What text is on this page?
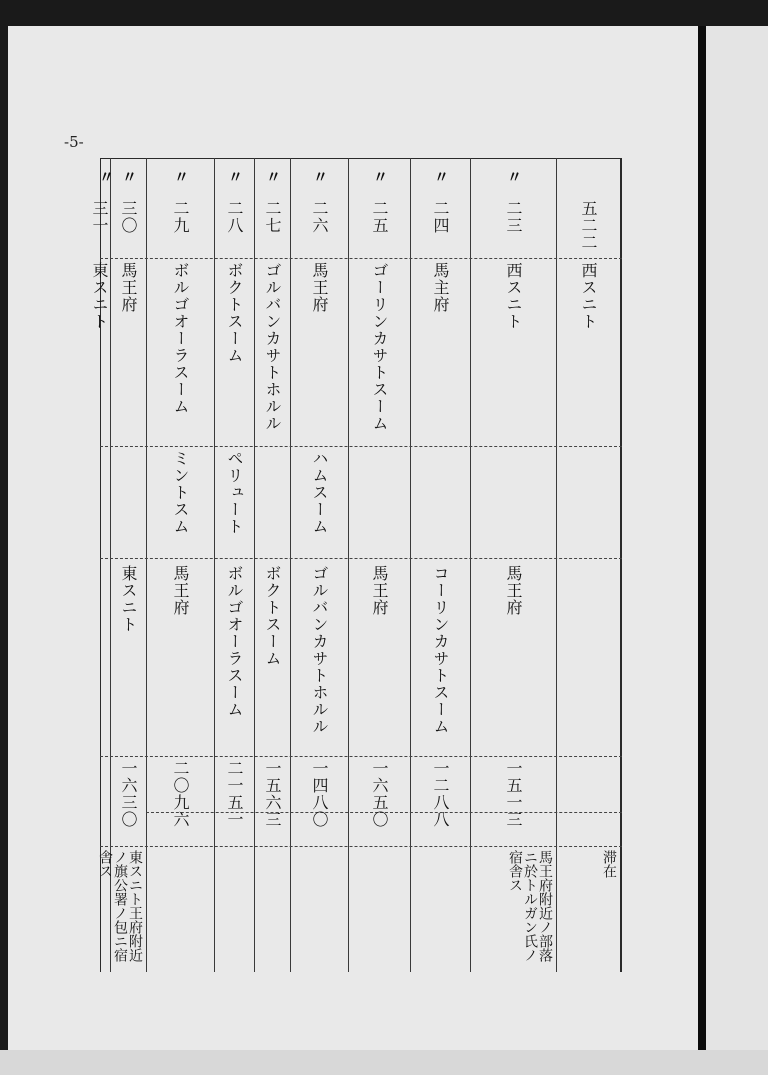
-5-
五二二
西スニト
滞在
〃
二三
西スニト
馬王府
一五一三
馬王府附近ノ部落ニ於トルガン氏ノ宿舎ス
〃
二四
馬主府
コーリンカサトスーム
一二八八
〃
二五
ゴーリンカサトスーム
馬王府
一六五〇
〃
二六
馬王府
ハムスーム
ゴルバンカサトホルル
一四八〇
〃
二七
ゴルバンカサトホルル
ボクトスーム
一五六三
〃
二八
ボクトスーム
ペリュート
ボルゴオーラスーム
二一五一
〃
二九
ボルゴオーラスーム
ミントスム
馬王府
二〇九六
〃
三〇
馬王府
東スニト
一六三〇
東スニト王府附近ノ旗公署ノ包ニ宿舎ス
〃
三一
東スニト
